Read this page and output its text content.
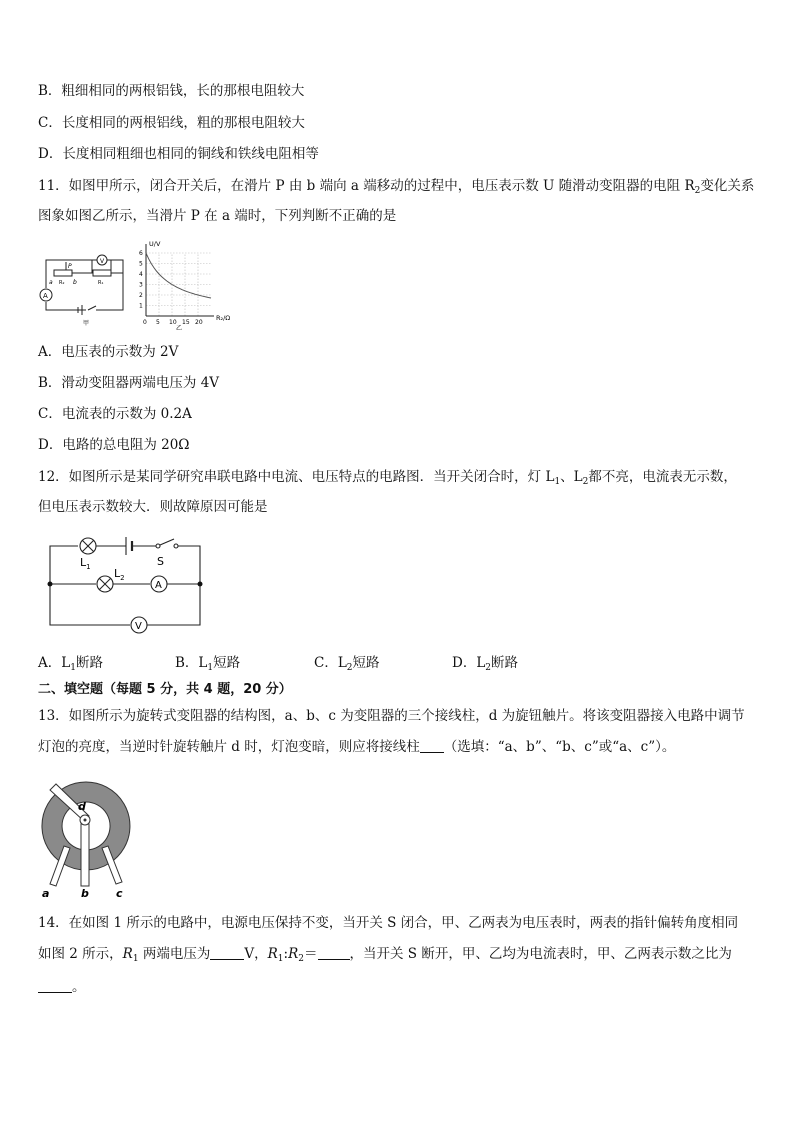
B．粗细相同的两根铝钱，长的那根电阻较大
C．长度相同的两根铝线，粗的那根电阻较大
D．长度相同粗细也相同的铜线和铁线电阻相等
11．如图甲所示，闭合开关后，在滑片 P 由 b 端向 a 端移动的过程中，电压表示数 U 随滑动变阻器的电阻 $R_2$变化关系
图象如图乙所示，当滑片 P 在 a 端时，下列判断不正确的是
A
V
a	b
P
R₂	R₁
甲
1
2
3
4
5
6
0 5 10 15 20
U/V
R₂/Ω
乙
A．电压表的示数为 2V
B．滑动变阻器两端电压为 4V
C．电流表的示数为 0.2A
D．电路的总电阻为 20Ω
12．如图所示是某同学研究串联电路中电流、电压特点的电路图．当开关闭合时，灯 $L_1$、$L_2$都不亮，电流表无示数，
但电压表示数较大．则故障原因可能是
A
V
S
$L_1$ $L_2$
A．$L_1$断路	B．$L_1$短路	C．$L_2$短路	D．$L_2$断路
二、填空题（每题 5 分，共 4 题，20 分）
13．如图所示为旋转式变阻器的结构图，a、b、c 为变阻器的三个接线柱，d 为旋钮触片。将该变阻器接入电路中调节
灯泡的亮度，当逆时针旋转触片 d 时，灯泡变暗，则应将接线柱 （选填：“a、b”、“b、c”或“a、c”）。
a	b c
d
14．在如图 1 所示的电路中，电源电压保持不变，当开关 S 闭合，甲、乙两表为电压表时，两表的指针偏转角度相同
如图 2 所示，$R_1$ 两端电压为	V，$R_1:R_2=$ ，当开关 S 断开，甲、乙均为电流表时，甲、乙两表示数之比为
。
